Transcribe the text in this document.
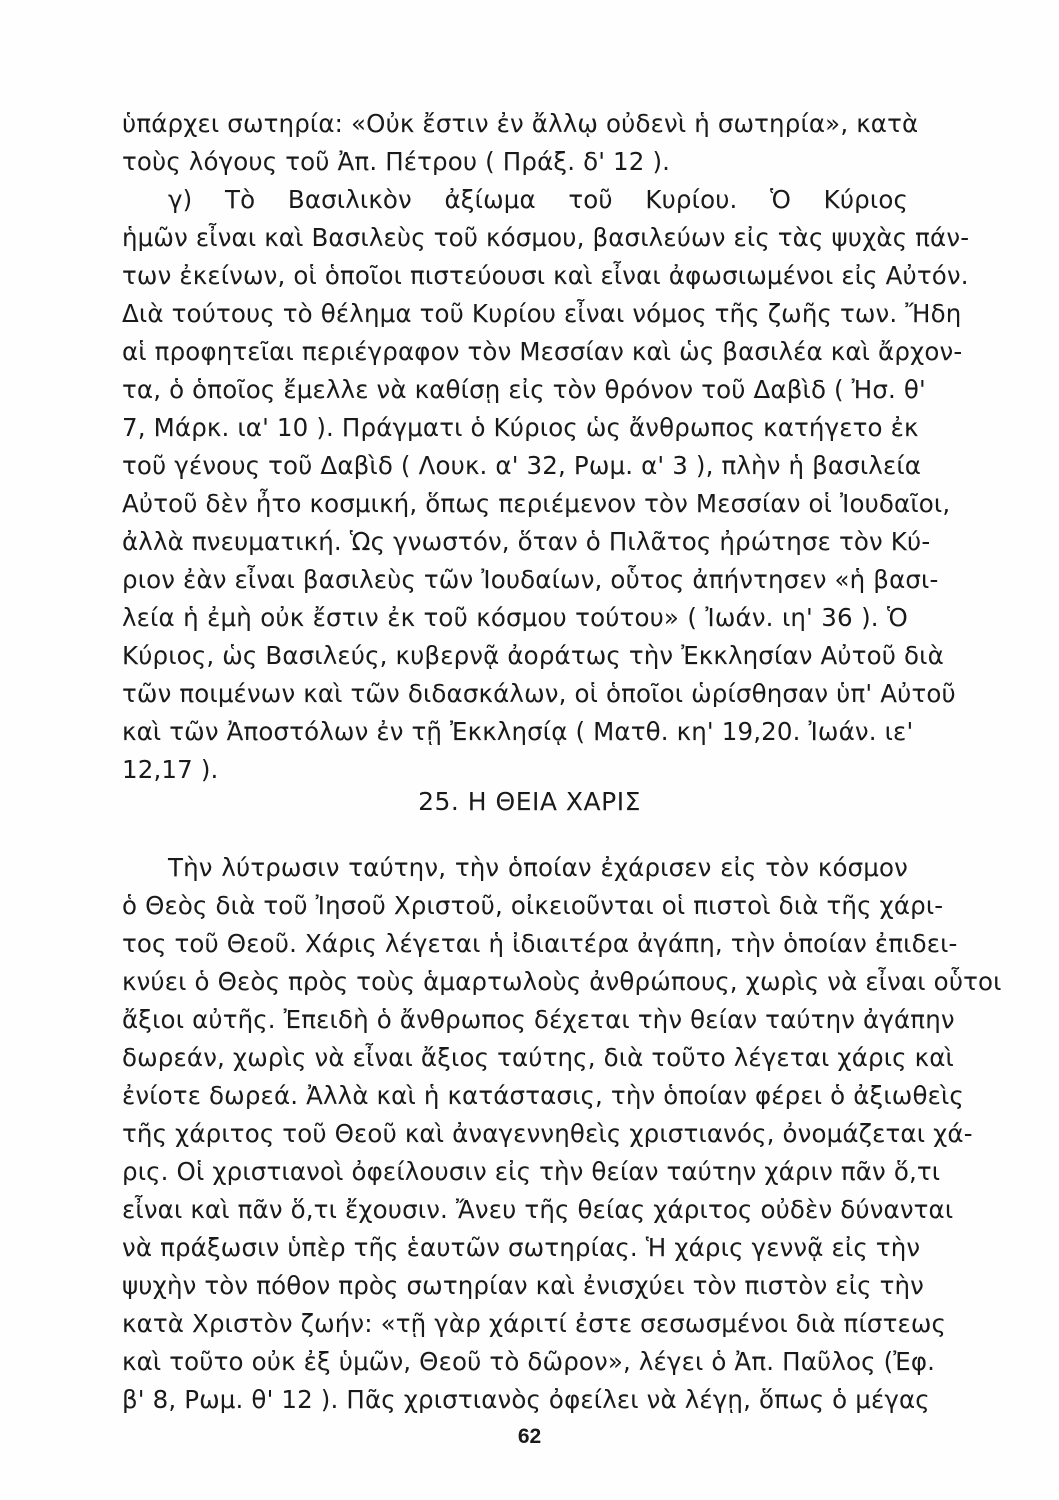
ὑπάρχει σωτηρία: «Οὐκ ἔστιν ἐν ἄλλῳ οὐδενὶ ἡ σωτηρία», κατὰ
τοὺς λόγους τοῦ Ἀπ. Πέτρου ( Πράξ. δ' 12 ).
γ) Τὸ Βασιλικὸν ἀξίωμα τοῦ Κυρίου. Ὁ Κύριος
ἡμῶν εἶναι καὶ Βασιλεὺς τοῦ κόσμου, βασιλεύων εἰς τὰς ψυχὰς πάν-
των ἐκείνων, οἱ ὁποῖοι πιστεύουσι καὶ εἶναι ἀφωσιωμένοι εἰς Αὐτόν.
Διὰ τούτους τὸ θέλημα τοῦ Κυρίου εἶναι νόμος τῆς ζωῆς των. Ἤδη
αἱ προφητεῖαι περιέγραφον τὸν Μεσσίαν καὶ ὡς βασιλέα καὶ ἄρχον-
τα, ὁ ὁποῖος ἔμελλε νὰ καθίσῃ εἰς τὸν θρόνον τοῦ Δαβὶδ ( Ἠσ. θ'
7, Μάρκ. ια' 10 ). Πράγματι ὁ Κύριος ὡς ἄνθρωπος κατήγετο ἐκ
τοῦ γένους τοῦ Δαβὶδ ( Λουκ. α' 32, Ρωμ. α' 3 ), πλὴν ἡ βασιλεία
Αὐτοῦ δὲν ἦτο κοσμική, ὅπως περιέμενον τὸν Μεσσίαν οἱ Ἰουδαῖοι,
ἀλλὰ πνευματική. Ὡς γνωστόν, ὅταν ὁ Πιλᾶτος ἠρώτησε τὸν Κύ-
ριον ἐὰν εἶναι βασιλεὺς τῶν Ἰουδαίων, οὗτος ἀπήντησεν «ἡ βασι-
λεία ἡ ἐμὴ οὐκ ἔστιν ἐκ τοῦ κόσμου τούτου» ( Ἰωάν. ιη' 36 ). Ὁ
Κύριος, ὡς Βασιλεύς, κυβερνᾷ ἀοράτως τὴν Ἐκκλησίαν Αὐτοῦ διὰ
τῶν ποιμένων καὶ τῶν διδασκάλων, οἱ ὁποῖοι ὡρίσθησαν ὑπ' Αὐτοῦ
καὶ τῶν Ἀποστόλων ἐν τῇ Ἐκκλησίᾳ ( Ματθ. κη' 19,20. Ἰωάν. ιε'
12,17 ).
25. Η ΘΕΙΑ ΧΑΡΙΣ
Τὴν λύτρωσιν ταύτην, τὴν ὁποίαν ἐχάρισεν εἰς τὸν κόσμον
ὁ Θεὸς διὰ τοῦ Ἰησοῦ Χριστοῦ, οἰκειοῦνται οἱ πιστοὶ διὰ τῆς χάρι-
τος τοῦ Θεοῦ. Χάρις λέγεται ἡ ἰδιαιτέρα ἀγάπη, τὴν ὁποίαν ἐπιδει-
κνύει ὁ Θεὸς πρὸς τοὺς ἁμαρτωλοὺς ἀνθρώπους, χωρὶς νὰ εἶναι οὗτοι
ἄξιοι αὐτῆς. Ἐπειδὴ ὁ ἄνθρωπος δέχεται τὴν θείαν ταύτην ἀγάπην
δωρεάν, χωρὶς νὰ εἶναι ἄξιος ταύτης, διὰ τοῦτο λέγεται χάρις καὶ
ἐνίοτε δωρεά. Ἀλλὰ καὶ ἡ κατάστασις, τὴν ὁποίαν φέρει ὁ ἀξιωθεὶς
τῆς χάριτος τοῦ Θεοῦ καὶ ἀναγεννηθεὶς χριστιανός, ὀνομάζεται χά-
ρις. Οἱ χριστιανοὶ ὀφείλουσιν εἰς τὴν θείαν ταύτην χάριν πᾶν ὅ,τι
εἶναι καὶ πᾶν ὅ,τι ἔχουσιν. Ἄνευ τῆς θείας χάριτος οὐδὲν δύνανται
νὰ πράξωσιν ὑπὲρ τῆς ἑαυτῶν σωτηρίας. Ἡ χάρις γεννᾷ εἰς τὴν
ψυχὴν τὸν πόθον πρὸς σωτηρίαν καὶ ἐνισχύει τὸν πιστὸν εἰς τὴν
κατὰ Χριστὸν ζωήν: «τῇ γὰρ χάριτί ἐστε σεσωσμένοι διὰ πίστεως
καὶ τοῦτο οὐκ ἐξ ὑμῶν, Θεοῦ τὸ δῶρον», λέγει ὁ Ἀπ. Παῦλος (Ἐφ.
β' 8, Ρωμ. θ' 12 ). Πᾶς χριστιανὸς ὀφείλει νὰ λέγῃ, ὅπως ὁ μέγας
62
